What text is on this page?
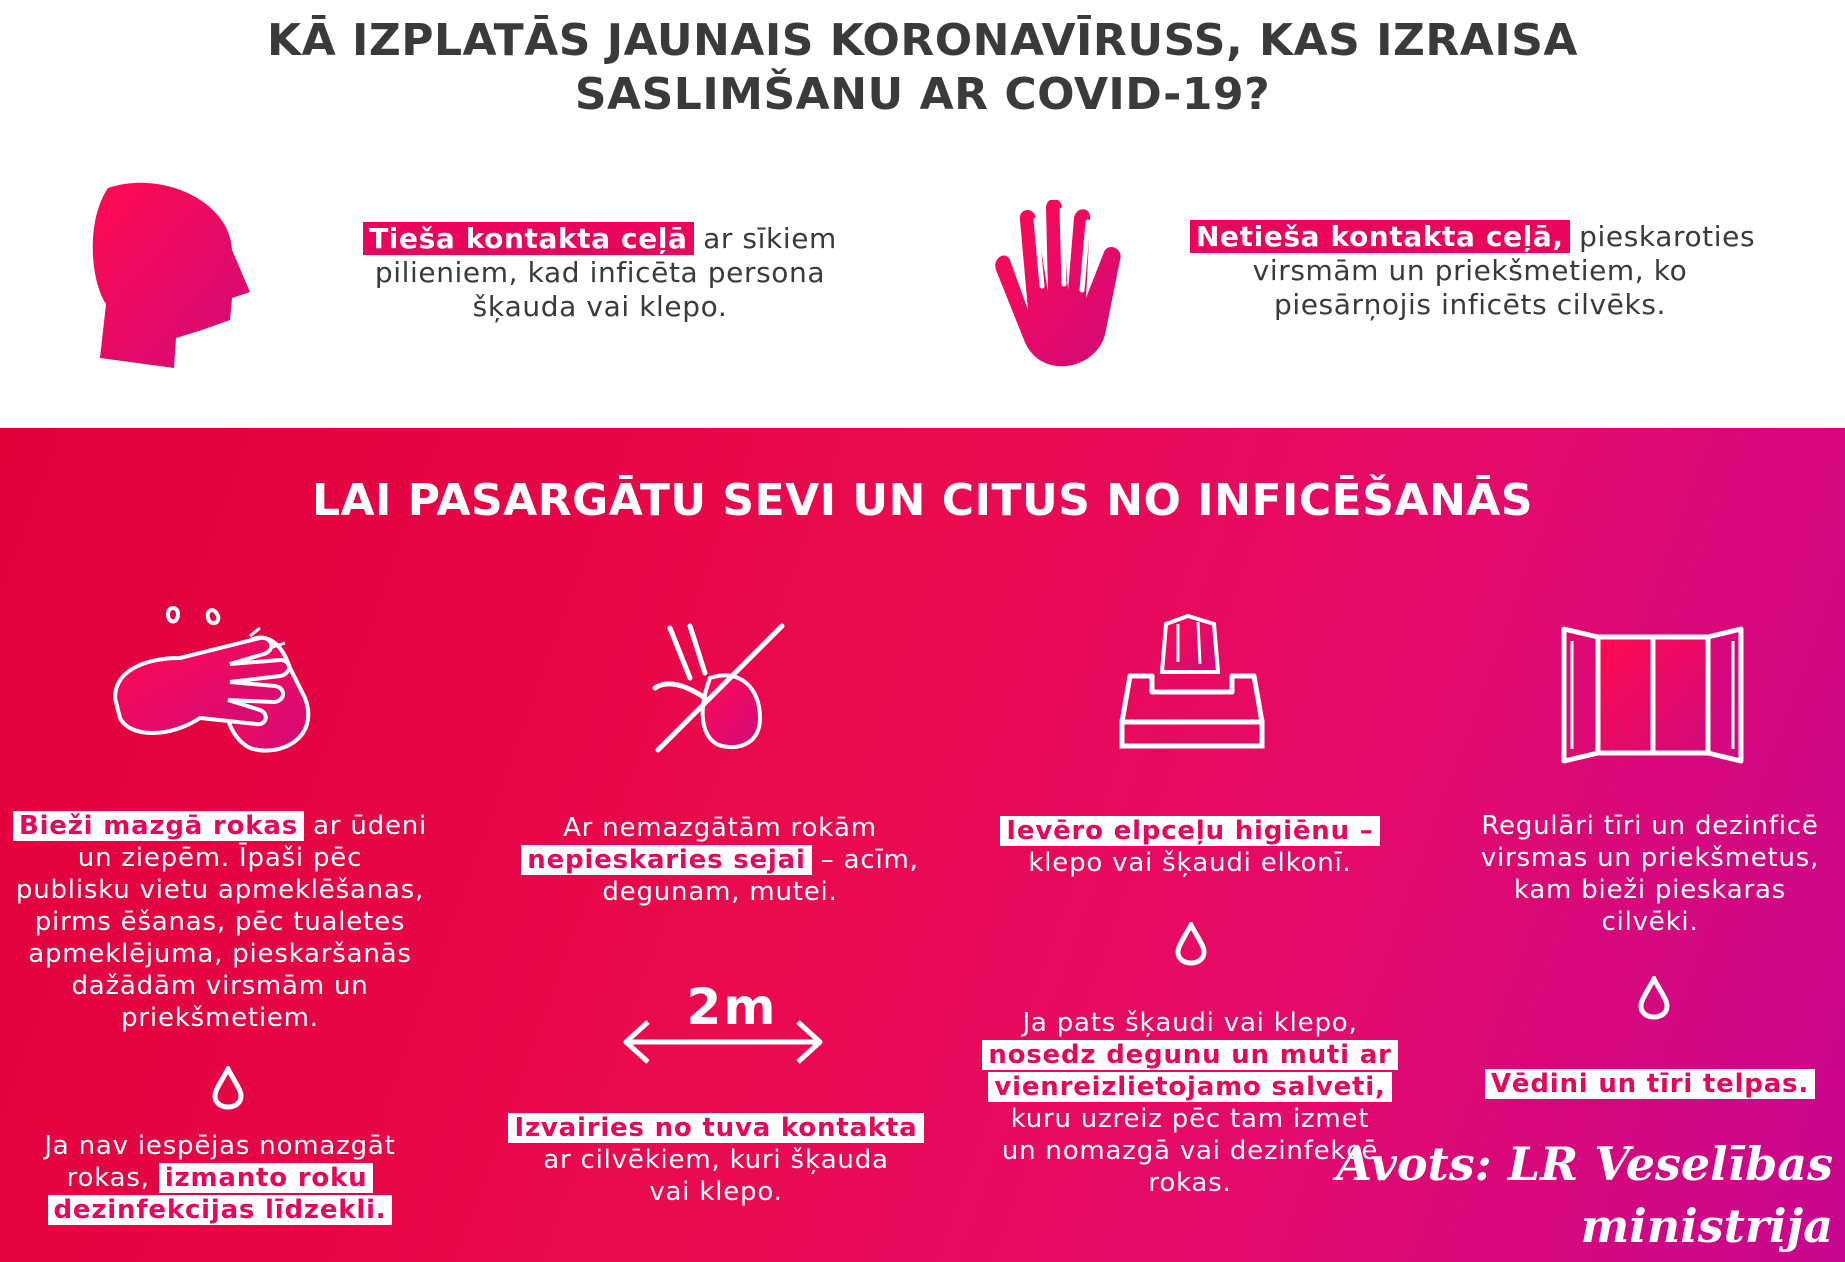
KĀ IZPLATĀS JAUNAIS KORONAVĪRUSS, KAS IZRAISA
SASLIMŠANU AR COVID-19?
Tieša kontakta ceļā ar sīkiem
pilieniem, kad inficēta persona
šķauda vai klepo.
Netieša kontakta ceļā, pieskaroties
virsmām un priekšmetiem, ko
piesārņojis inficēts cilvēks.
LAI PASARGĀTU SEVI UN CITUS NO INFICĒŠANĀS
Bieži mazgā rokas ar ūdeni
un ziepēm. Īpaši pēc
publisku vietu apmeklēšanas,
pirms ēšanas, pēc tualetes
apmeklējuma, pieskaršanās
dažādām virsmām un
priekšmetiem.
Ja nav iespējas nomazgāt
rokas, izmanto roku
dezinfekcijas līdzekli.
Ar nemazgātām rokām
nepieskaries sejai – acīm,
degunam, mutei.
2m
Izvairies no tuva kontakta
ar cilvēkiem, kuri šķauda
vai klepo.
Ievēro elpceļu higiēnu –
klepo vai šķaudi elkonī.
Ja pats šķaudi vai klepo,
nosedz degunu un muti ar
vienreizlietojamo salveti,
kuru uzreiz pēc tam izmet
un nomazgā vai dezinfekcē
rokas.
Regulāri tīri un dezinficē
virsmas un priekšmetus,
kam bieži pieskaras
cilvēki.
Vēdini un tīri telpas.
Avots: LR Veselības
ministrija
